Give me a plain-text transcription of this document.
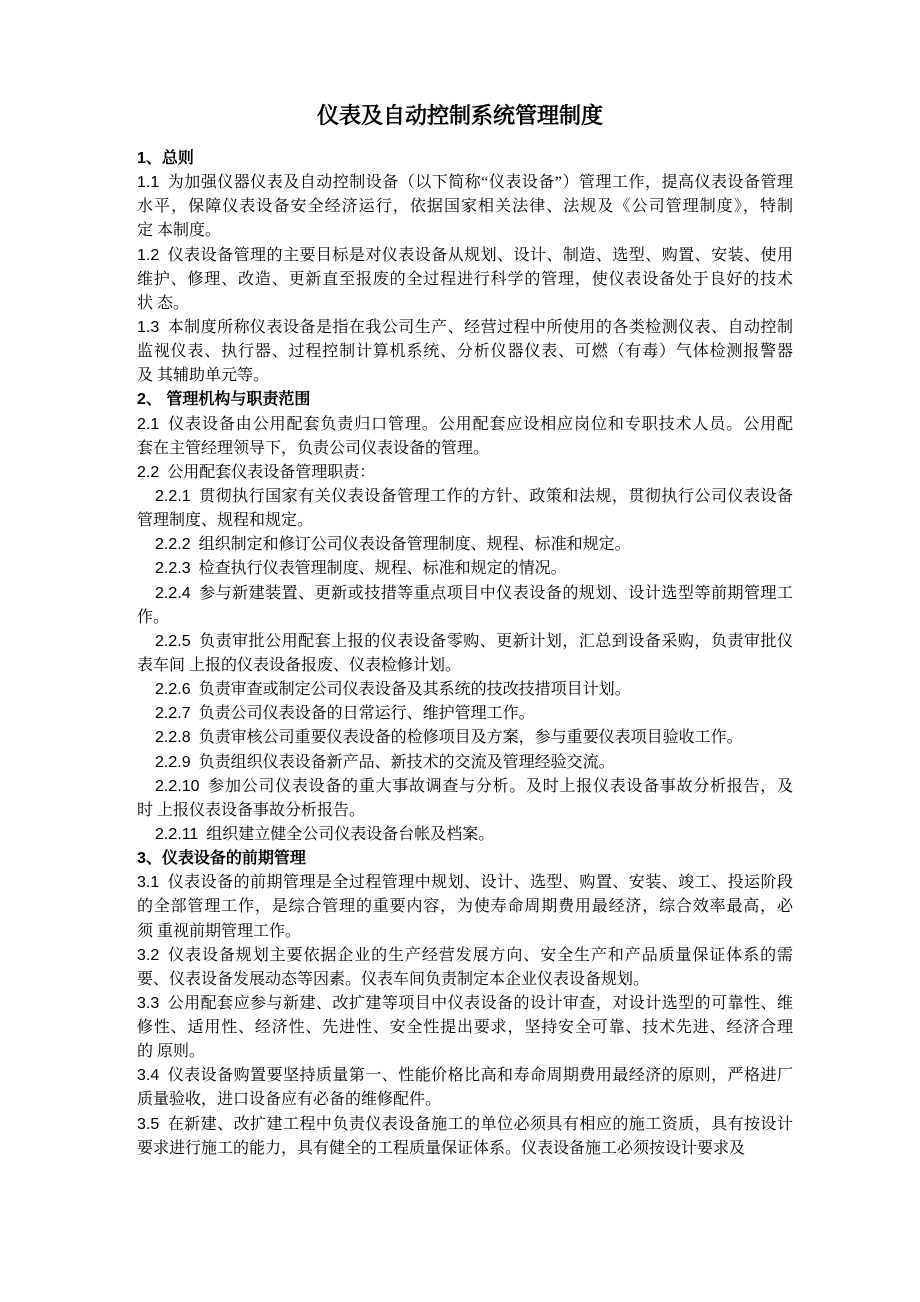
仪表及自动控制系统管理制度
1、总则
1.1 为加强仪器仪表及自动控制设备（以下简称“仪表设备”）管理工作，提高仪表设备管理
水平，保障仪表设备安全经济运行，依据国家相关法律、法规及《公司管理制度》，特制
定 本制度。
1.2 仪表设备管理的主要目标是对仪表设备从规划、设计、制造、选型、购置、安装、使用
维护、修理、改造、更新直至报废的全过程进行科学的管理，使仪表设备处于良好的技术
状 态。
1.3 本制度所称仪表设备是指在我公司生产、经营过程中所使用的各类检测仪表、自动控制
监视仪表、执行器、过程控制计算机系统、分析仪器仪表、可燃（有毒）气体检测报警器
及 其辅助单元等。
2、 管理机构与职责范围
2.1 仪表设备由公用配套负责归口管理。公用配套应设相应岗位和专职技术人员。公用配
套在主管经理领导下，负责公司仪表设备的管理。
2.2 公用配套仪表设备管理职责：
2.2.1 贯彻执行国家有关仪表设备管理工作的方针、政策和法规，贯彻执行公司仪表设备
管理制度、规程和规定。
2.2.2 组织制定和修订公司仪表设备管理制度、规程、标准和规定。
2.2.3 检查执行仪表管理制度、规程、标准和规定的情况。
2.2.4 参与新建装置、更新或技措等重点项目中仪表设备的规划、设计选型等前期管理工
作。
2.2.5 负责审批公用配套上报的仪表设备零购、更新计划，汇总到设备采购，负责审批仪
表车间 上报的仪表设备报废、仪表检修计划。
2.2.6 负责审查或制定公司仪表设备及其系统的技改技措项目计划。
2.2.7 负责公司仪表设备的日常运行、维护管理工作。
2.2.8 负责审核公司重要仪表设备的检修项目及方案，参与重要仪表项目验收工作。
2.2.9 负责组织仪表设备新产品、新技术的交流及管理经验交流。
2.2.10 参加公司仪表设备的重大事故调查与分析。及时上报仪表设备事故分析报告，及
时 上报仪表设备事故分析报告。
2.2.11 组织建立健全公司仪表设备台帐及档案。
3、仪表设备的前期管理
3.1 仪表设备的前期管理是全过程管理中规划、设计、选型、购置、安装、竣工、投运阶段
的全部管理工作，是综合管理的重要内容，为使寿命周期费用最经济，综合效率最高，必
须 重视前期管理工作。
3.2 仪表设备规划主要依据企业的生产经营发展方向、安全生产和产品质量保证体系的需
要、仪表设备发展动态等因素。仪表车间负责制定本企业仪表设备规划。
3.3 公用配套应参与新建、改扩建等项目中仪表设备的设计审查，对设计选型的可靠性、维
修性、适用性、经济性、先进性、安全性提出要求，坚持安全可靠、技术先进、经济合理
的 原则。
3.4 仪表设备购置要坚持质量第一、性能价格比高和寿命周期费用最经济的原则，严格进厂
质量验收，进口设备应有必备的维修配件。
3.5 在新建、改扩建工程中负责仪表设备施工的单位必须具有相应的施工资质，具有按设计
要求进行施工的能力，具有健全的工程质量保证体系。仪表设备施工必须按设计要求及
